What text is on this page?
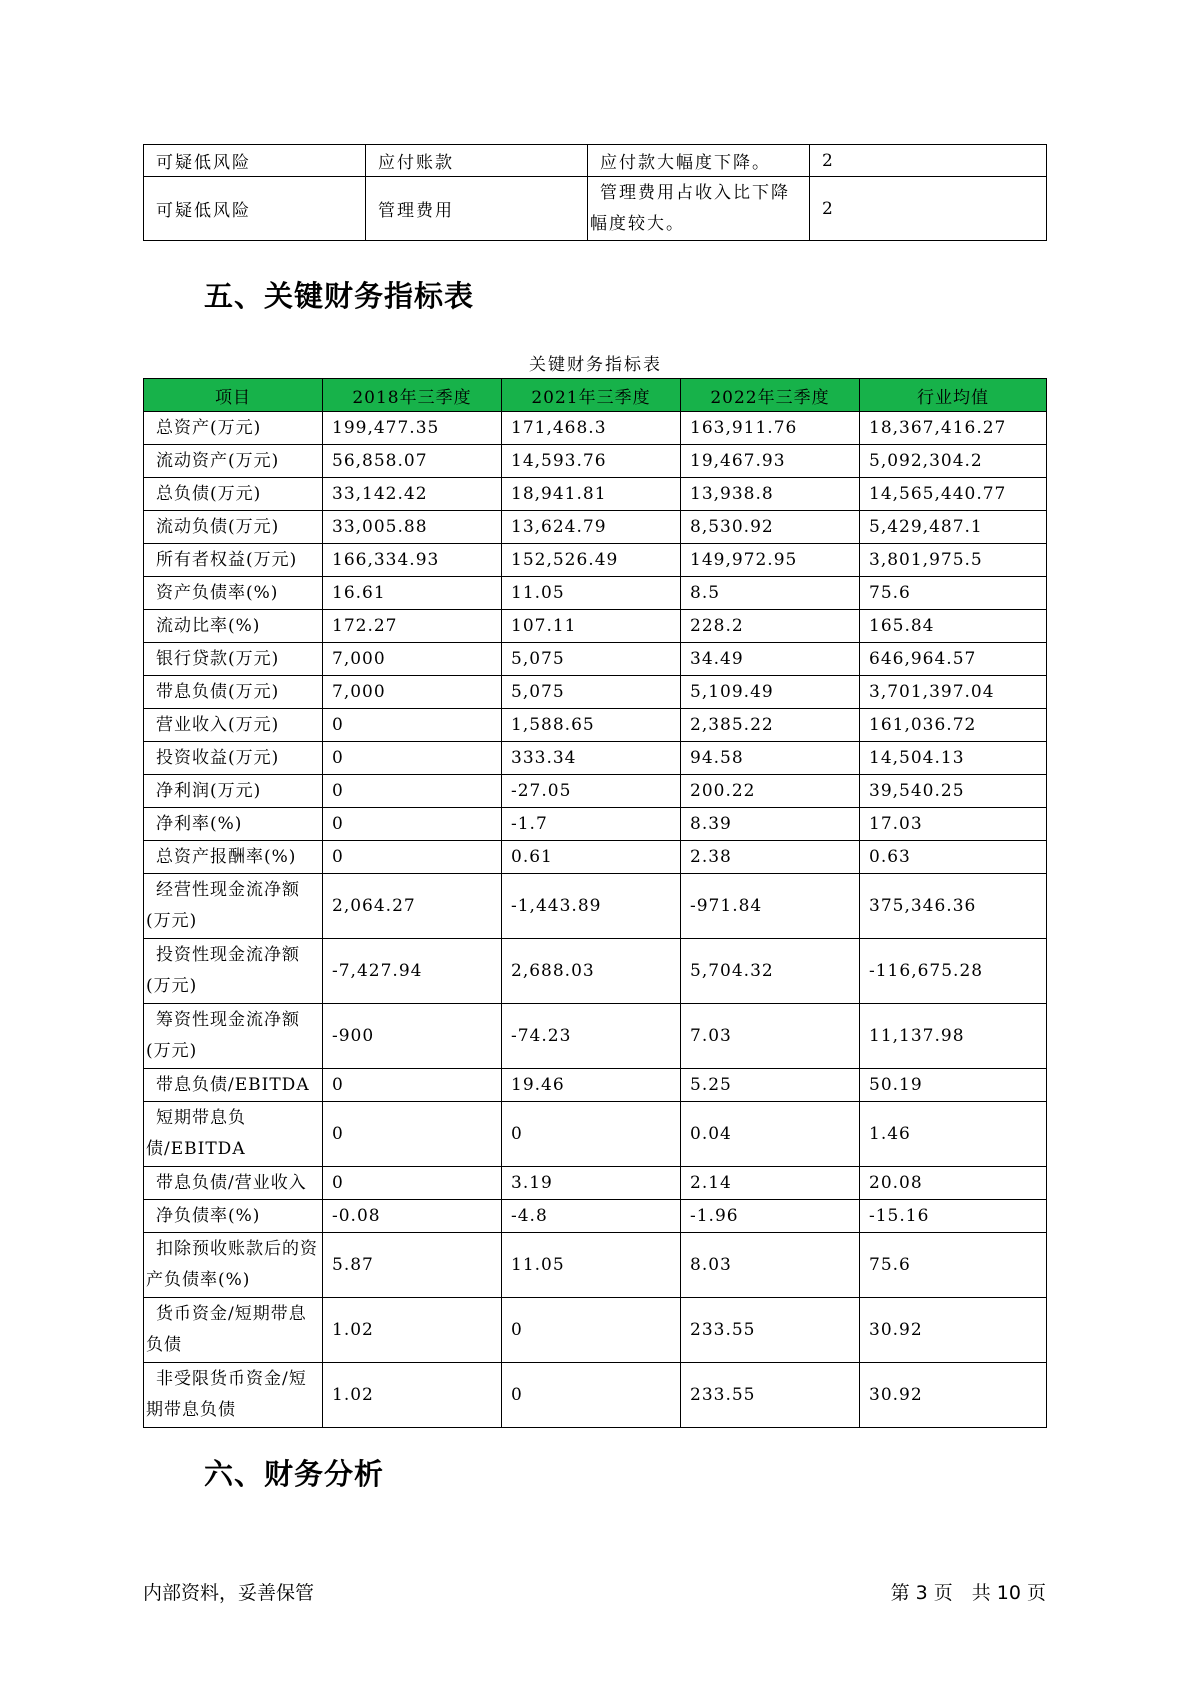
可疑低风险	应付账款	应付款大幅度下降。	2
可疑低风险	管理费用	管理费用占收入比下降幅度较大。	2
五、关键财务指标表
关键财务指标表
项目	2018年三季度	2021年三季度	2022年三季度	行业均值
总资产(万元)	199,477.35	171,468.3	163,911.76	18,367,416.27
流动资产(万元)	56,858.07	14,593.76	19,467.93	5,092,304.2
总负债(万元)	33,142.42	18,941.81	13,938.8	14,565,440.77
流动负债(万元)	33,005.88	13,624.79	8,530.92	5,429,487.1
所有者权益(万元)	166,334.93	152,526.49	149,972.95	3,801,975.5
资产负债率(%)	16.61	11.05	8.5	75.6
流动比率(%)	172.27	107.11	228.2	165.84
银行贷款(万元)	7,000	5,075	34.49	646,964.57
带息负债(万元)	7,000	5,075	5,109.49	3,701,397.04
营业收入(万元)	0	1,588.65	2,385.22	161,036.72
投资收益(万元)	0	333.34	94.58	14,504.13
净利润(万元)	0	-27.05	200.22	39,540.25
净利率(%)	0	-1.7	8.39	17.03
总资产报酬率(%)	0	0.61	2.38	0.63
经营性现金流净额(万元)	2,064.27	-1,443.89	-971.84	375,346.36
投资性现金流净额(万元)	-7,427.94	2,688.03	5,704.32	-116,675.28
筹资性现金流净额(万元)	-900	-74.23	7.03	11,137.98
带息负债/EBITDA	0	19.46	5.25	50.19
短期带息负债/EBITDA	0	0	0.04	1.46
带息负债/营业收入	0	3.19	2.14	20.08
净负债率(%)	-0.08	-4.8	-1.96	-15.16
扣除预收账款后的资产负债率(%)	5.87	11.05	8.03	75.6
货币资金/短期带息负债	1.02	0	233.55	30.92
非受限货币资金/短期带息负债	1.02	0	233.55	30.92
六、财务分析
内部资料，妥善保管	第 3 页　共 10 页
